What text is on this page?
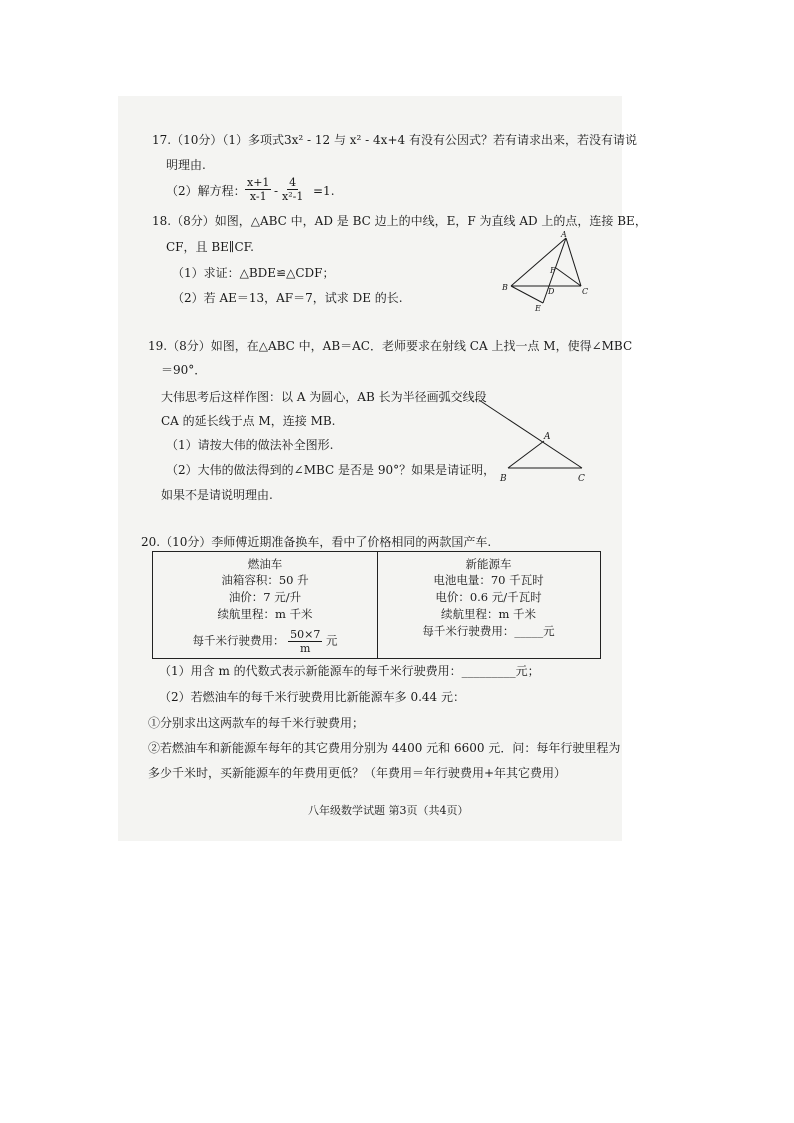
17.（10分）（1）多项式3x² - 12 与 x² - 4x+4 有没有公因式？若有请求出来，若没有请说
明理由.
（2）解方程： $\frac{x+1}{x-1} - \frac{4}{\text{x²-1}} =1$.
18.（8分）如图，△ABC 中，AD 是 BC 边上的中线，E，F 为直线 AD 上的点，连接 BE，
CF，且 BE∥CF.
（1）求证：△BDE≌△CDF；
（2）若 AE＝13，AF＝7，试求 DE 的长.
A
B	C
D
E
F
19.（8分）如图，在△ABC 中，AB＝AC．老师要求在射线 CA 上找一点 M，使得∠MBC
＝90°．
大伟思考后这样作图：以 A 为圆心，AB 长为半径画弧交线段
CA 的延长线于点 M，连接 MB.
（1）请按大伟的做法补全图形.
（2）大伟的做法得到的∠MBC 是否是 90°？如果是请证明，
如果不是请说明理由.
A
B	C
20.（10分）李师傅近期准备换车，看中了价格相同的两款国产车.
燃油车
油箱容积：50 升
油价：7 元/升
续航里程：m 千米
每千米行驶费用： $\frac{50\times 7}{m}$ 元
新能源车
电池电量：70 千瓦时
电价：0.6 元/千瓦时
续航里程：m 千米
每千米行驶费用：_____元
（1）用含 m 的代数式表示新能源车的每千米行驶费用：_________元；
（2）若燃油车的每千米行驶费用比新能源车多 0.44 元：
①分别求出这两款车的每千米行驶费用；
②若燃油车和新能源车每年的其它费用分别为 4400 元和 6600 元．问：每年行驶里程为
多少千米时，买新能源车的年费用更低？（年费用＝年行驶费用+年其它费用）
八年级数学试题 第3页（共4页）
